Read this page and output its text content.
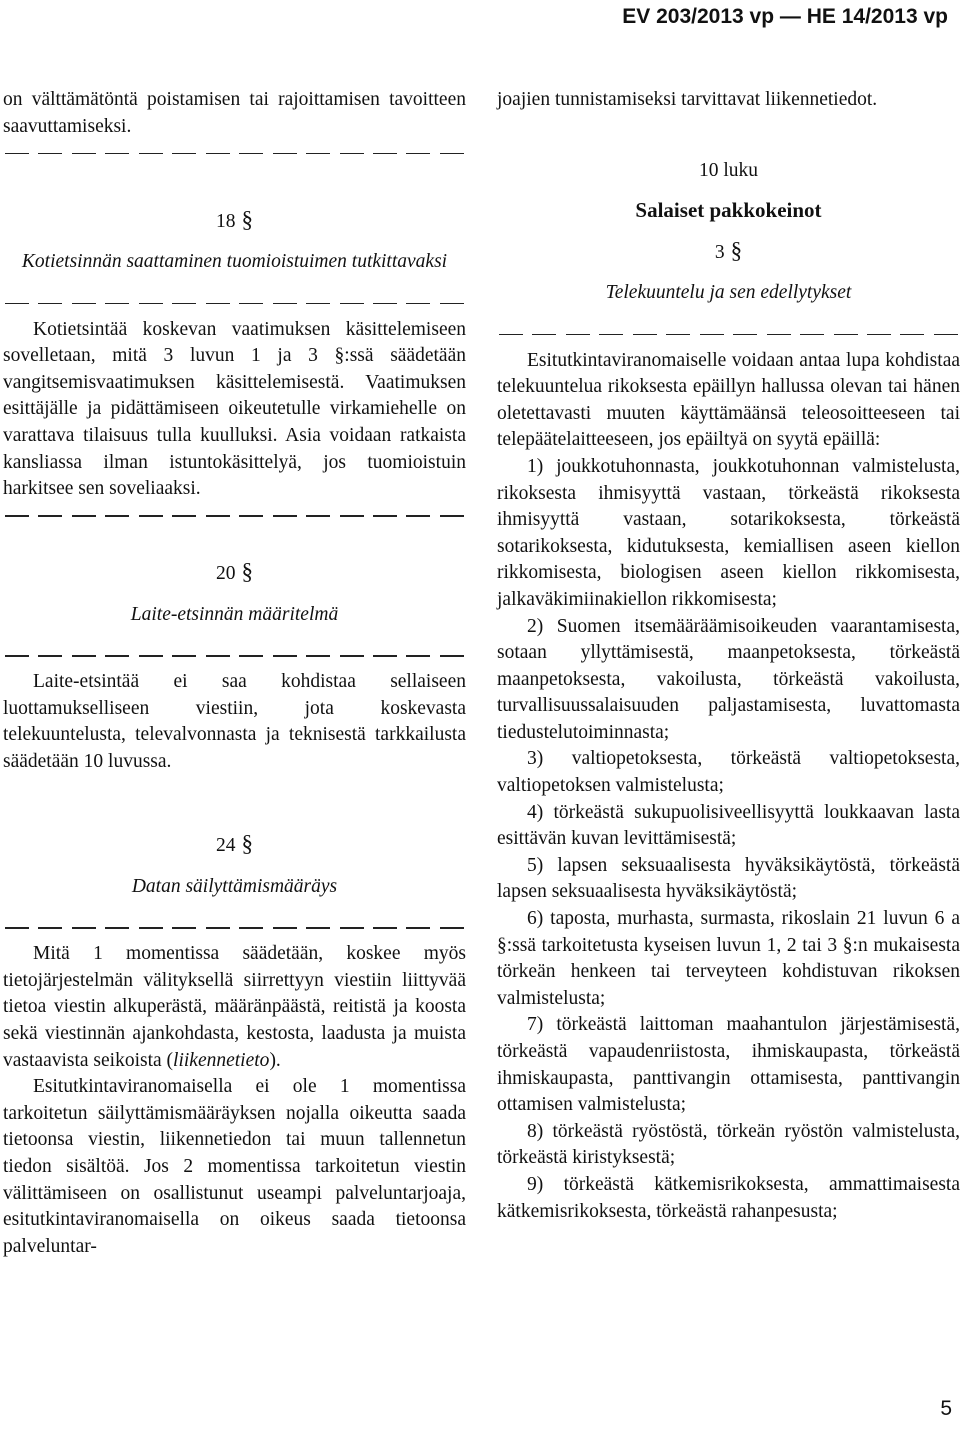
EV 203/2013 vp — HE 14/2013 vp

on välttämätöntä poistamisen tai rajoittamisen tavoitteen saavuttamiseksi.

18 §
Kotietsinnän saattaminen tuomioistuimen tutkittavaksi

Kotietsintää koskevan vaatimuksen käsittelemiseen sovelletaan, mitä 3 luvun 1 ja 3 §:ssä säädetään vangitsemisvaatimuksen käsittelemisestä. Vaatimuksen esittäjälle ja pidättämiseen oikeutetulle virkamiehelle on varattava tilaisuus tulla kuulluksi. Asia voidaan ratkaista kansliassa ilman istuntokäsittelyä, jos tuomioistuin harkitsee sen soveliaaksi.

20 §
Laite-etsinnän määritelmä

Laite-etsintää ei saa kohdistaa sellaiseen luottamukselliseen viestiin, jota koskevasta telekuuntelusta, televalvonnasta ja teknisestä tarkkailusta säädetään 10 luvussa.

24 §
Datan säilyttämismääräys

Mitä 1 momentissa säädetään, koskee myös tietojärjestelmän välityksellä siirrettyyn viestiin liittyvää tietoa viestin alkuperästä, määränpäästä, reitistä ja koosta sekä viestinnän ajankohdasta, kestosta, laadusta ja muista vastaavista seikoista (liikennetieto).

Esitutkintaviranomaisella ei ole 1 momentissa tarkoitetun säilyttämismääräyksen nojalla oikeutta saada tietoonsa viestin, liikennetiedon tai muun tallennetun tiedon sisältöä. Jos 2 momentissa tarkoitetun viestin välittämiseen on osallistunut useampi palveluntarjoaja, esitutkintaviranomaisella on oikeus saada tietoonsa palveluntar-

joajien tunnistamiseksi tarvittavat liikennetiedot.

10 luku
Salaiset pakkokeinot
3 §
Telekuuntelu ja sen edellytykset

Esitutkintaviranomaiselle voidaan antaa lupa kohdistaa telekuuntelua rikoksesta epäillyn hallussa olevan tai hänen oletettavasti muuten käyttämäänsä teleosoitteeseen tai telepäätelaitteeseen, jos epäiltyä on syytä epäillä:

1) joukkotuhonnasta, joukkotuhonnan valmistelusta, rikoksesta ihmisyyttä vastaan, törkeästä rikoksesta ihmisyyttä vastaan, sotarikoksesta, törkeästä sotarikoksesta, kidutuksesta, kemiallisen aseen kiellon rikkomisesta, biologisen aseen kiellon rikkomisesta, jalkaväkimiinakiellon rikkomisesta;

2) Suomen itsemääräämisoikeuden vaarantamisesta, sotaan yllyttämisestä, maanpetoksesta, törkeästä maanpetoksesta, vakoilusta, törkeästä vakoilusta, turvallisuussalaisuuden paljastamisesta, luvattomasta tiedustelutoiminnasta;

3) valtiopetoksesta, törkeästä valtiopetoksesta, valtiopetoksen valmistelusta;

4) törkeästä sukupuolisiveellisyyttä loukkaavan lasta esittävän kuvan levittämisestä;

5) lapsen seksuaalisesta hyväksikäytöstä, törkeästä lapsen seksuaalisesta hyväksikäytöstä;

6) taposta, murhasta, surmasta, rikoslain 21 luvun 6 a §:ssä tarkoitetusta kyseisen luvun 1, 2 tai 3 §:n mukaisesta törkeän henkeen tai terveyteen kohdistuvan rikoksen valmistelusta;

7) törkeästä laittoman maahantulon järjestämisestä, törkeästä vapaudenriistosta, ihmiskaupasta, törkeästä ihmiskaupasta, panttivangin ottamisesta, panttivangin ottamisen valmistelusta;

8) törkeästä ryöstöstä, törkeän ryöstön valmistelusta, törkeästä kiristyksestä;

9) törkeästä kätkemisrikoksesta, ammattimaisesta kätkemisrikoksesta, törkeästä rahanpesusta;

5
